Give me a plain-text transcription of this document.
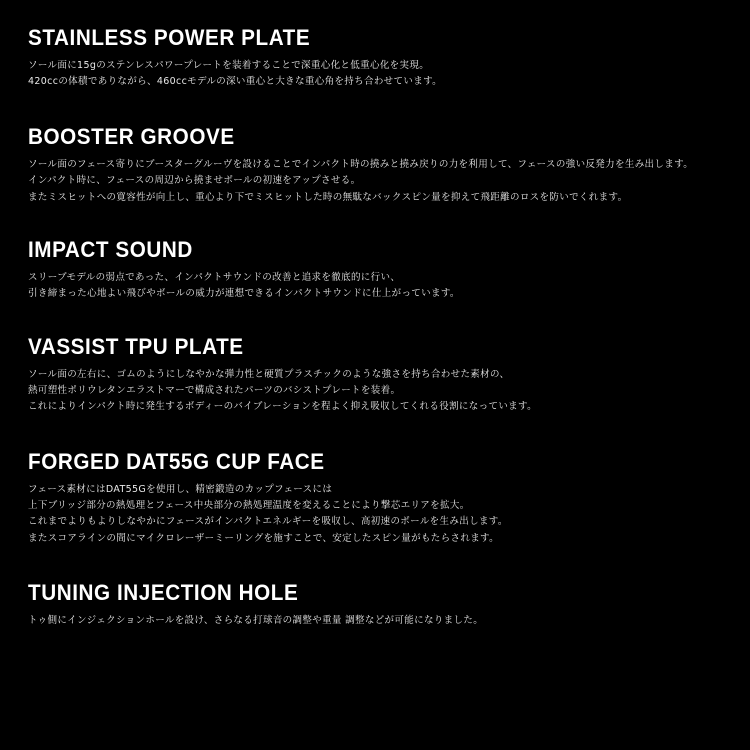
STAINLESS POWER PLATE
ソール面に15gのステンレスパワープレートを装着することで深重心化と低重心化を実現。
420ccの体積でありながら、460ccモデルの深い重心と大きな重心角を持ち合わせています。
BOOSTER GROOVE
ソール面のフェース寄りにブースターグルーヴを設けることでインパクト時の撓みと撓み戻りの力を利用して、フェースの強い反発力を生み出します。
インパクト時に、フェースの周辺から撓ませボールの初速をアップさせる。
またミスヒットへの寛容性が向上し、重心より下でミスヒットした時の無駄なバックスピン量を抑えて飛距離のロスを防いでくれます。
IMPACT SOUND
スリーブモデルの弱点であった、インパクトサウンドの改善と追求を徹底的に行い、
引き締まった心地よい飛びやボールの威力が連想できるインパクトサウンドに仕上がっています。
VASSIST TPU PLATE
ソール面の左右に、ゴムのようにしなやかな弾力性と硬質プラスチックのような強さを持ち合わせた素材の、
熱可塑性ポリウレタンエラストマーで構成されたパーツのバシストプレートを装着。
これによりインパクト時に発生するボディーのバイブレーションを程よく抑え吸収してくれる役割になっています。
FORGED DAT55G CUP FACE
フェース素材にはDAT55Gを使用し、精密鍛造のカップフェースには
上下ブリッジ部分の熱処理とフェース中央部分の熱処理温度を変えることにより撃芯エリアを拡大。
これまでよりもよりしなやかにフェースがインパクトエネルギーを吸収し、高初速のボールを生み出します。
またスコアラインの間にマイクロレーザーミーリングを施すことで、安定したスピン量がもたらされます。
TUNING INJECTION HOLE
トゥ側にインジェクションホールを設け、さらなる打球音の調整や重量 調整などが可能になりました。
